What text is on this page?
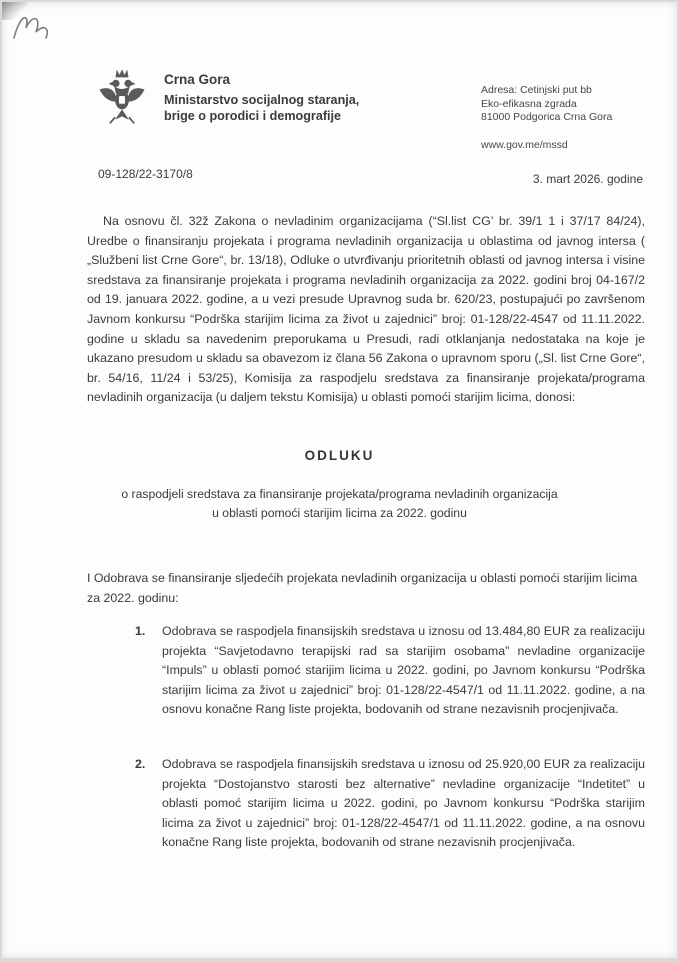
Crna Gora
Ministarstvo socijalnog staranja,
brige o porodici i demografije
Adresa: Cetinjski put bb
Eko-efikasna zgrada
81000 Podgorica Crna Gora
www.gov.me/mssd
09-128/22-3170/8	3. mart 2026. godine

Na osnovu čl. 32ž Zakona o nevladinim organizacijama (“Sl.list CG’ br. 39/1 1 i 37/17 84/24), Uredbe o finansiranju projekata i programa nevladinih organizacija u oblastima od javnog intersa ( „Službeni list Crne Gore“, br. 13/18), Odluke o utvrđivanju prioritetnih oblasti od javnog intersa i visine sredstava za finansiranje projekata i programa nevladinih organizacija za 2022. godini broj 04-167/2 od 19. januara 2022. godine, a u vezi presude Upravnog suda br. 620/23, postupajući po završenom Javnom konkursu “Podrška starijim licima za život u zajednici” broj: 01-128/22-4547 od 11.11.2022. godine u skladu sa navedenim preporukama u Presudi, radi otklanjanja nedostataka na koje je ukazano presudom u skladu sa obavezom iz člana 56 Zakona o upravnom sporu („Sl. list Crne Gore“, br. 54/16, 11/24 i 53/25), Komisija za raspodjelu sredstava za finansiranje projekata/programa nevladinih organizacija (u daljem tekstu Komisija) u oblasti pomoći starijim licima, donosi:

ODLUKU

o raspodjeli sredstava za finansiranje projekata/programa nevladinih organizacija
u oblasti pomoći starijim licima za 2022. godinu

I Odobrava se finansiranje sljedećih projekata nevladinih organizacija u oblasti pomoći starijim licima za 2022. godinu:

1.	Odobrava se raspodjela finansijskih sredstava u iznosu od 13.484,80 EUR za realizaciju projekta “Savjetodavno terapijski rad sa starijim osobama” nevladine organizacije “Impuls” u oblasti pomoć starijim licima u 2022. godini, po Javnom konkursu “Podrška starijim licima za život u zajednici” broj: 01-128/22-4547/1 od 11.11.2022. godine, a na osnovu konačne Rang liste projekta, bodovanih od strane nezavisnih procjenjivača.

2.	Odobrava se raspodjela finansijskih sredstava u iznosu od 25.920,00 EUR za realizaciju projekta “Dostojanstvo starosti bez alternative” nevladine organizacije “Indetitet” u oblasti pomoć starijim licima u 2022. godini, po Javnom konkursu “Podrška starijim licima za život u zajednici” broj: 01-128/22-4547/1 od 11.11.2022. godine, a na osnovu konačne Rang liste projekta, bodovanih od strane nezavisnih procjenjivača.
